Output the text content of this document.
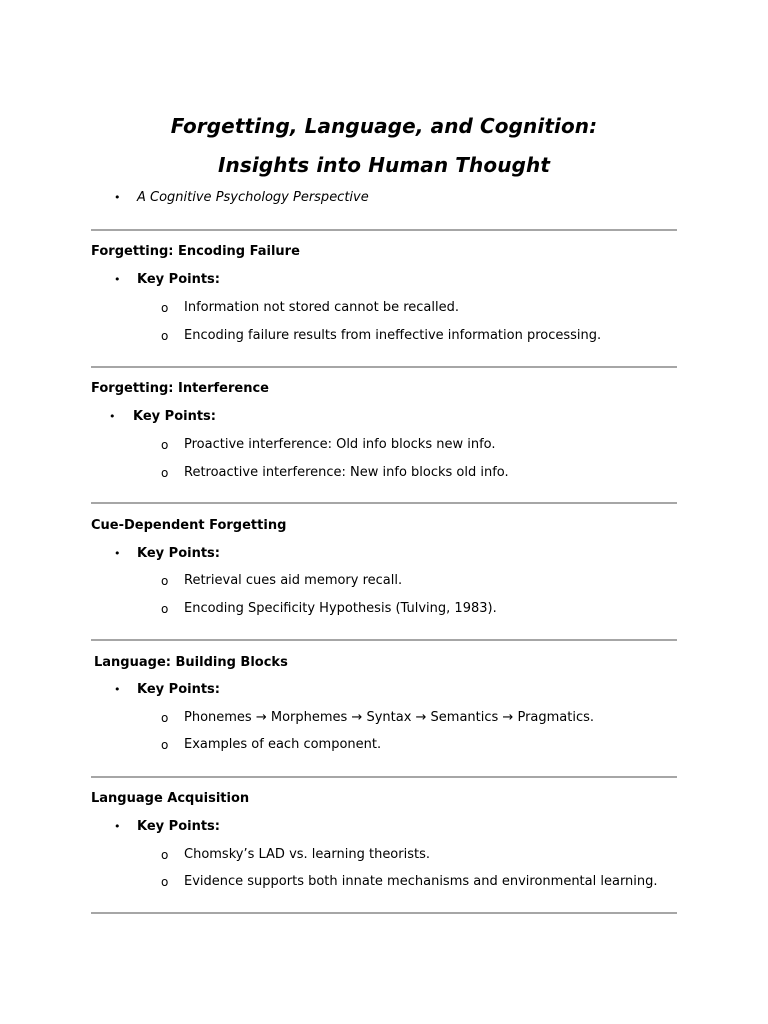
Forgetting, Language, and Cognition:
Insights into Human Thought
•
A Cognitive Psychology Perspective
Forgetting: Encoding Failure
•
Key Points:
o Information not stored cannot be recalled.
o Encoding failure results from ineffective information processing.
Forgetting: Interference
•
Key Points:
o Proactive interference: Old info blocks new info.
o Retroactive interference: New info blocks old info.
Cue-Dependent Forgetting
•
Key Points:
o Retrieval cues aid memory recall.
o Encoding Specificity Hypothesis (Tulving, 1983).
Language: Building Blocks
•
Key Points:
o Phonemes → Morphemes → Syntax → Semantics → Pragmatics.
o Examples of each component.
Language Acquisition
•
Key Points:
o Chomsky’s LAD vs. learning theorists.
o Evidence supports both innate mechanisms and environmental learning.
